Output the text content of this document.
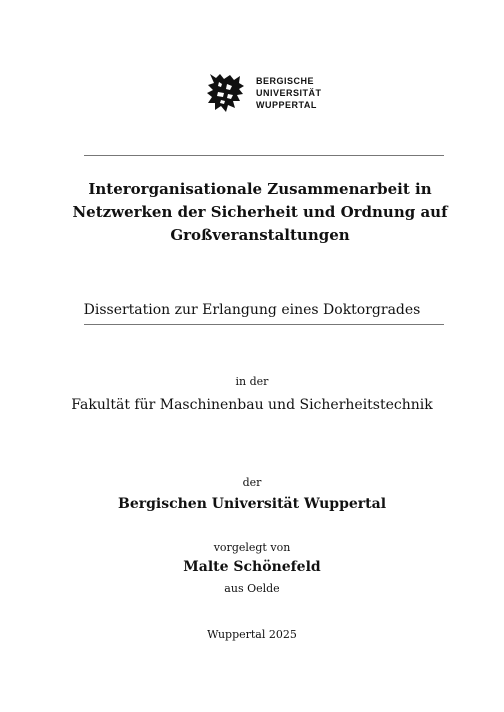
BERGISCHE
UNIVERSITÄT
WUPPERTAL
Interorganisationale Zusammenarbeit in
Netzwerken der Sicherheit und Ordnung auf
Großveranstaltungen
Dissertation zur Erlangung eines Doktorgrades
in der
Fakultät für Maschinenbau und Sicherheitstechnik
der
Bergischen Universität Wuppertal
vorgelegt von
Malte Schönefeld
aus Oelde
Wuppertal 2025
